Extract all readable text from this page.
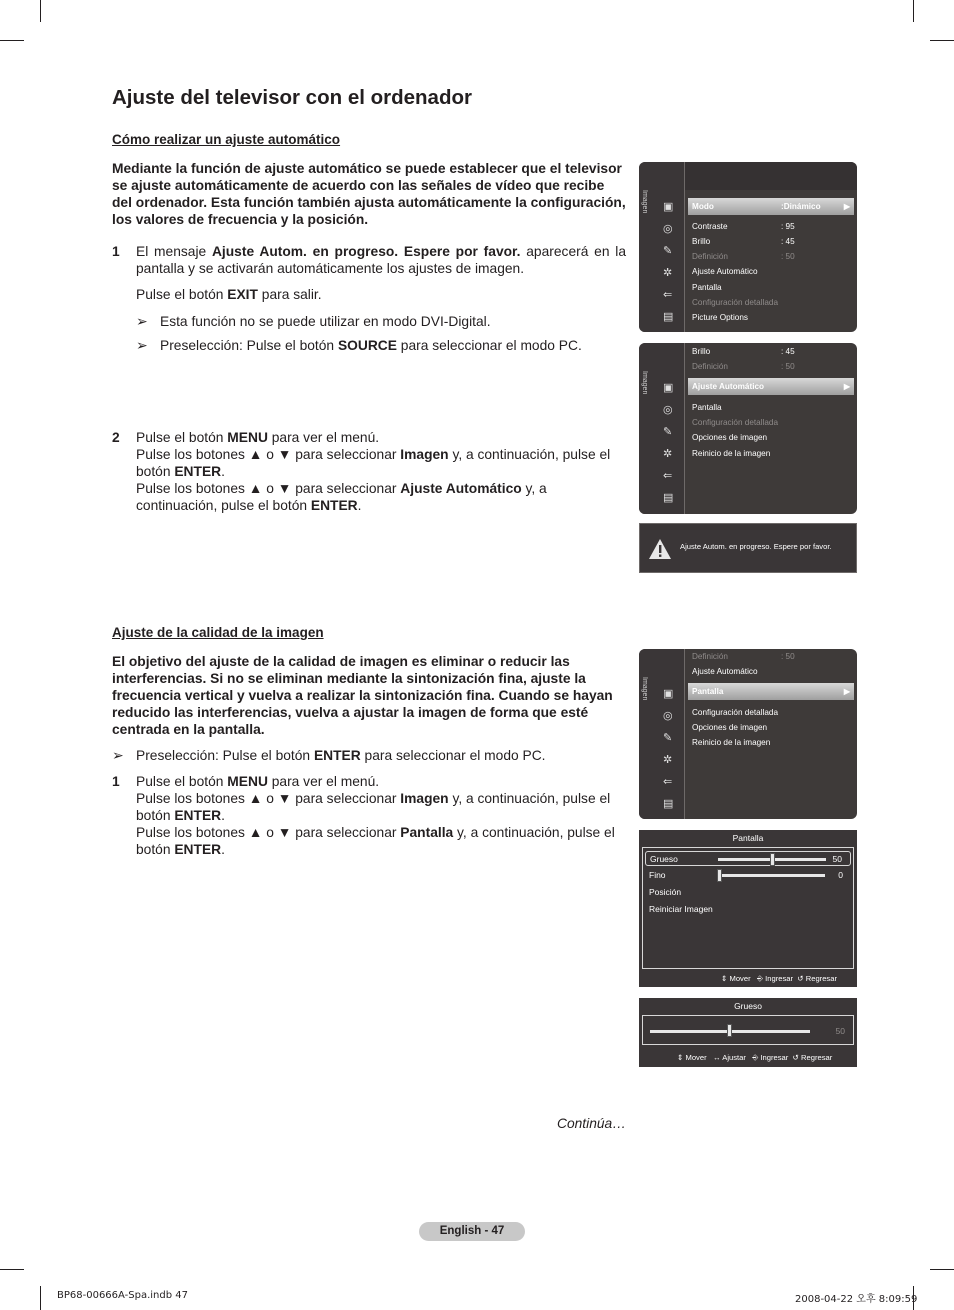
Ajuste del televisor con el ordenador
Cómo realizar un ajuste automático
Mediante la función de ajuste automático se puede establecer que el televisor se ajuste automáticamente de acuerdo con las señales de vídeo que recibe del ordenador. Esta función también ajusta automáticamente la configuración, los valores de frecuencia y la posición.
1 El mensaje Ajuste Autom. en progreso. Espere por favor. aparecerá en la pantalla y se activarán automáticamente los ajustes de imagen.
Pulse el botón EXIT para salir.
➢ Esta función no se puede utilizar en modo DVI-Digital.
➢ Preselección: Pulse el botón SOURCE para seleccionar el modo PC.
2 Pulse el botón MENU para ver el menú.
Pulse los botones ▲ o ▼ para seleccionar Imagen y, a continuación, pulse el botón ENTER.
Pulse los botones ▲ o ▼ para seleccionar Ajuste Automático y, a continuación, pulse el botón ENTER.
Ajuste de la calidad de la imagen
El objetivo del ajuste de la calidad de imagen es eliminar o reducir las interferencias. Si no se eliminan mediante la sintonización fina, ajuste la frecuencia vertical y vuelva a realizar la sintonización fina. Cuando se hayan reducido las interferencias, vuelva a ajustar la imagen de forma que esté centrada en la pantalla.
➢ Preselección: Pulse el botón ENTER para seleccionar el modo PC.
1 Pulse el botón MENU para ver el menú.
Pulse los botones ▲ o ▼ para seleccionar Imagen y, a continuación, pulse el botón ENTER.
Pulse los botones ▲ o ▼ para seleccionar Pantalla y, a continuación, pulse el botón ENTER.
Continúa…
English - 47
BP68-00666A-Spa.indb 47	2008-04-22 오후 8:09:59
Imagen	Modo	:Dinámico	▶
Contraste	: 95
Brillo	: 45
Definición	: 50
Ajuste Automático
Pantalla
Configuración detallada
Picture Options
▣
◎
✎
✲
⇐
▤
Imagen
Brillo	: 45
Definición	: 50
Ajuste Automático	▶
Pantalla
Configuración detallada
Opciones de imagen
Reinicio de la imagen
▣
◎
✎
✲
⇐
▤
Ajuste Autom. en progreso. Espere por favor.
Imagen
Definición	: 50
Ajuste Automático
Pantalla	▶
Configuración detallada
Opciones de imagen
Reinicio de la imagen
▣
◎
✎
✲
⇐
▤
Pantalla
Grueso	50
Fino	0
Posición
Reiniciar Imagen
⇕ Mover ⎆ Ingresar ↺ Regresar
Grueso
50
⇕ Mover ↔ Ajustar ⎆ Ingresar ↺ Regresar
